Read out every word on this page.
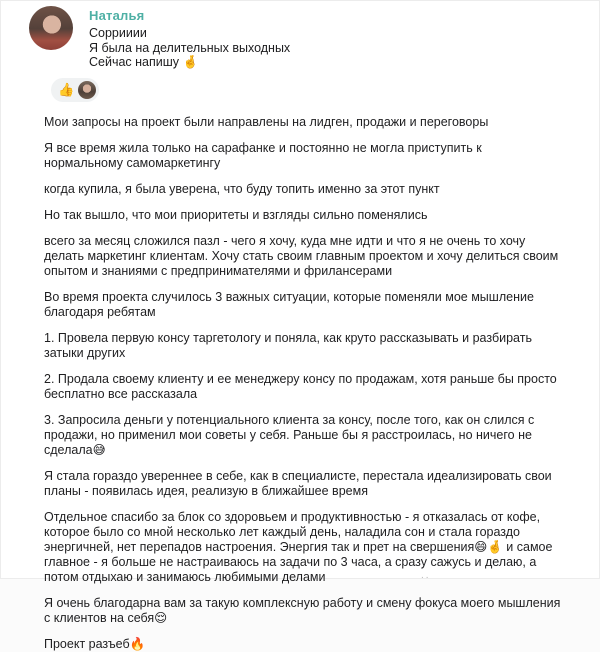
Наталья
Соррииии
Я была на делительных выходных
Сейчас напишу 🤞
👍

Мои запросы на проект были направлены на лидген, продажи и переговоры

Я все время жила только на сарафанке и постоянно не могла приступить к нормальному самомаркетингу

когда купила, я была уверена, что буду топить именно за этот пункт

Но так вышло, что мои приоритеты и взгляды сильно поменялись

всего за месяц сложился пазл - чего я хочу, куда мне идти и что я не очень то хочу делать маркетинг клиентам. Хочу стать своим главным проектом и хочу делиться своим опытом и знаниями с предпринимателями и фрилансерами

Во время проекта случилось 3 важных ситуации, которые поменяли мое мышление благодаря ребятам

1. Провела первую консу таргетологу и поняла, как круто рассказывать и разбирать затыки других

2. Продала своему клиенту и ее менеджеру консу по продажам, хотя раньше бы просто бесплатно все рассказала

3. Запросила деньги у потенциального клиента за консу, после того, как он слился с продажи, но применил мои советы у себя. Раньше бы я расстроилась, но ничего не сделала😅

Я стала гораздо увереннее в себе, как в специалисте, перестала идеализировать свои планы - появилась идея, реализую в ближайшее время

Отдельное спасибо за блок со здоровьем и продуктивностью - я отказалась от кофе, которое было со мной несколько лет каждый день, наладила сон и стала гораздо энергичней, нет перепадов настроения. Энергия так и прет на свершения😄🤞 и самое главное - я больше не настраиваюсь на задачи по 3 часа, а сразу сажусь и делаю, а потом отдыхаю и занимаюсь любимыми делами

Я очень благодарна вам за такую комплексную работу и смену фокуса моего мышления с клиентов на себя😌

Проект разъеб🔥

..
